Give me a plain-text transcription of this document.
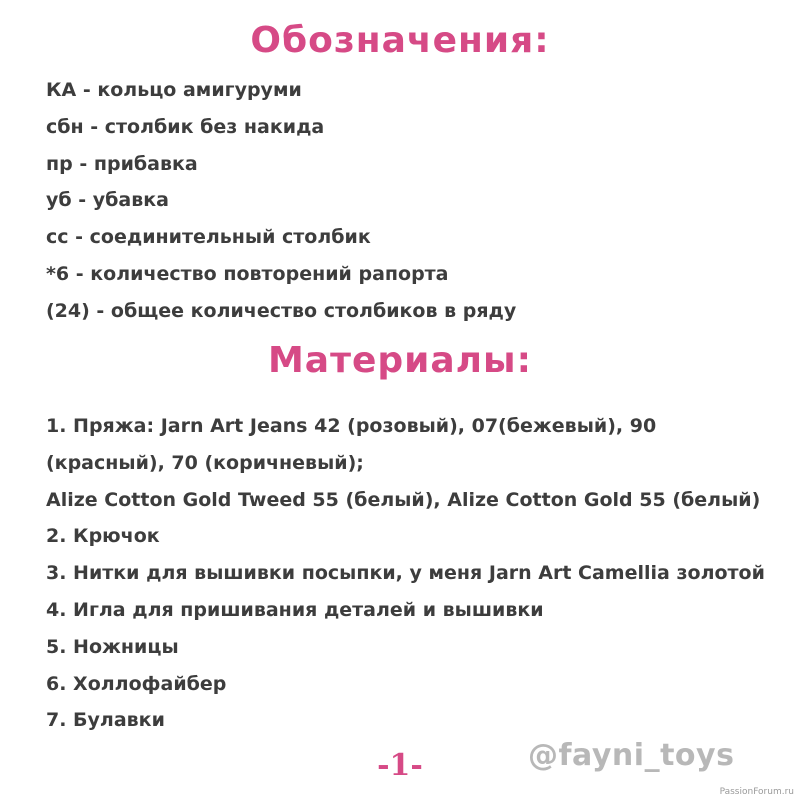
Обозначения:
КА - кольцо амигуруми
сбн - столбик без накида
пр - прибавка
уб - убавка
сс - соединительный столбик
*6 - количество повторений рапорта
(24) - общее количество столбиков в ряду
Материалы:
1. Пряжа: Jarn Art Jeans 42 (розовый), 07(бежевый), 90 (красный), 70 (коричневый);
Alize Cotton Gold Tweed 55 (белый), Alize Cotton Gold 55 (белый)
2. Крючок
3. Нитки для вышивки посыпки, у меня Jarn Art Camellia золотой
4. Игла для пришивания деталей и вышивки
5. Ножницы
6. Холлофайбер
7. Булавки
-1-	@fayni_toys
PassionForum.ru
